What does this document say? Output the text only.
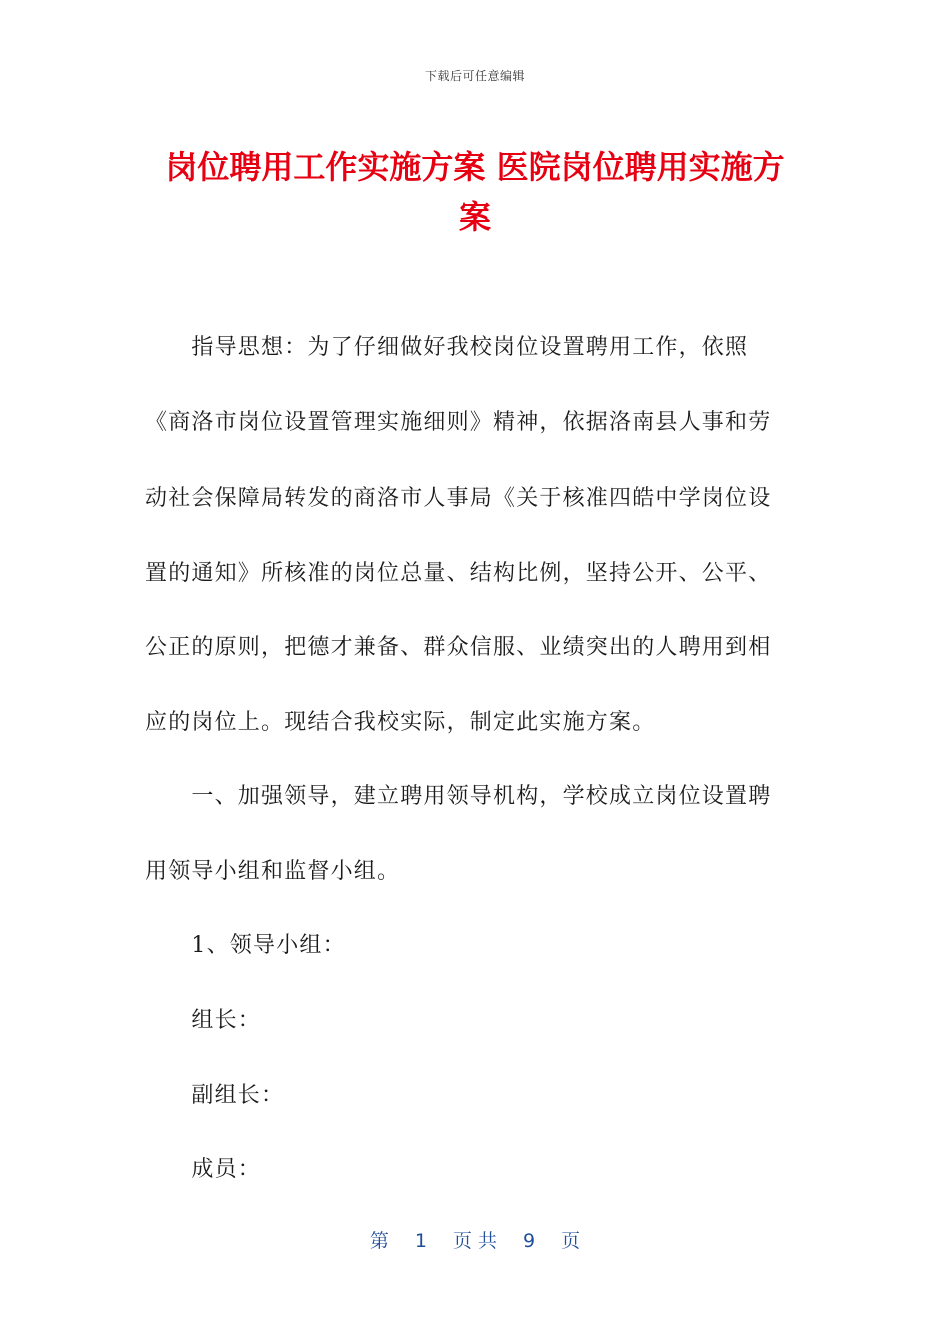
下载后可任意编辑
岗位聘用工作实施方案 医院岗位聘用实施方
案

　　指导思想：为了仔细做好我校岗位设置聘用工作，依照

《商洛市岗位设置管理实施细则》精神，依据洛南县人事和劳

动社会保障局转发的商洛市人事局《关于核准四皓中学岗位设

置的通知》所核准的岗位总量、结构比例，坚持公开、公平、

公正的原则，把德才兼备、群众信服、业绩突出的人聘用到相

应的岗位上。现结合我校实际，制定此实施方案。

　　一、加强领导，建立聘用领导机构，学校成立岗位设置聘

用领导小组和监督小组。

　　1、领导小组：

　　组长：

　　副组长：

　　成员：

第 1 页 共 9 页
